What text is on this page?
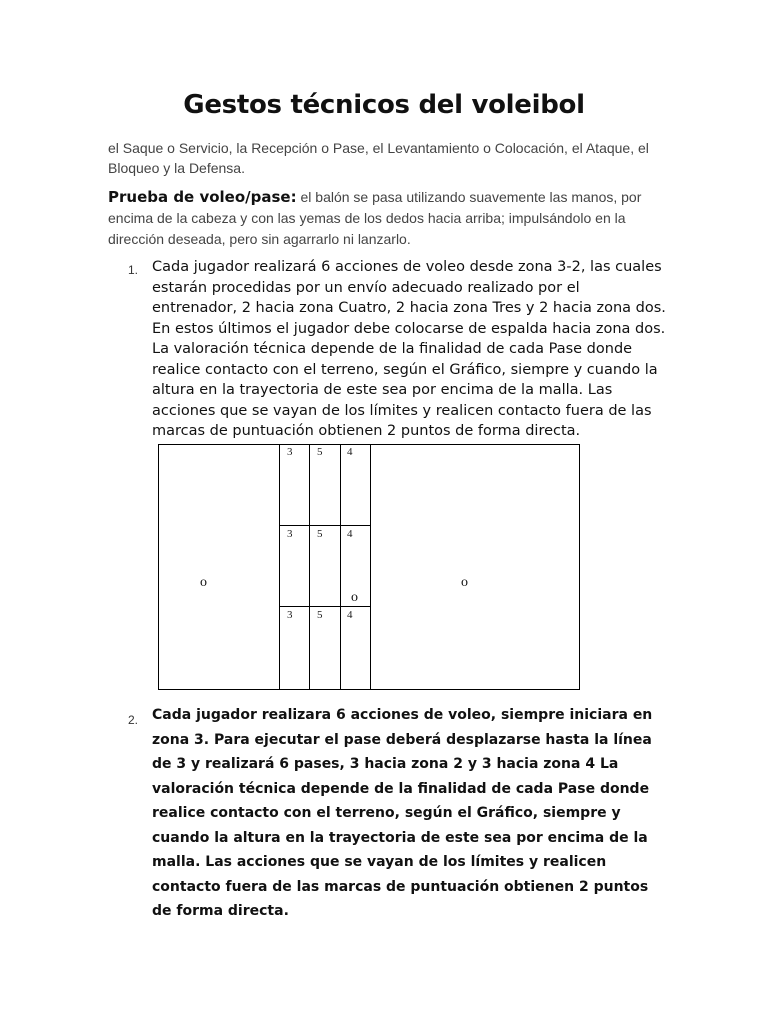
Gestos técnicos del voleibol
el Saque o Servicio, la Recepción o Pase, el Levantamiento o Colocación, el Ataque, el Bloqueo y la Defensa.
Prueba de voleo/pase: el balón se pasa utilizando suavemente las manos, por encima de la cabeza y con las yemas de los dedos hacia arriba; impulsándolo en la dirección deseada, pero sin agarrarlo ni lanzarlo.
1. Cada jugador realizará 6 acciones de voleo desde zona 3-2, las cuales estarán procedidas por un envío adecuado realizado por el entrenador, 2 hacia zona Cuatro, 2 hacia zona Tres y 2 hacia zona dos. En estos últimos el jugador debe colocarse de espalda hacia zona dos. La valoración técnica depende de la finalidad de cada Pase donde realice contacto con el terreno, según el Gráfico, siempre y cuando la altura en la trayectoria de este sea por encima de la malla. Las acciones que se vayan de los límites y realicen contacto fuera de las marcas de puntuación obtienen 2 puntos de forma directa.
3 5 4
3 5 4
3 5 4
o
o
o
2. Cada jugador realizara 6 acciones de voleo, siempre iniciara en zona 3. Para ejecutar el pase deberá desplazarse hasta la línea de 3 y realizará 6 pases, 3 hacia zona 2 y 3 hacia zona 4 La valoración técnica depende de la finalidad de cada Pase donde realice contacto con el terreno, según el Gráfico, siempre y cuando la altura en la trayectoria de este sea por encima de la malla. Las acciones que se vayan de los límites y realicen contacto fuera de las marcas de puntuación obtienen 2 puntos de forma directa.
